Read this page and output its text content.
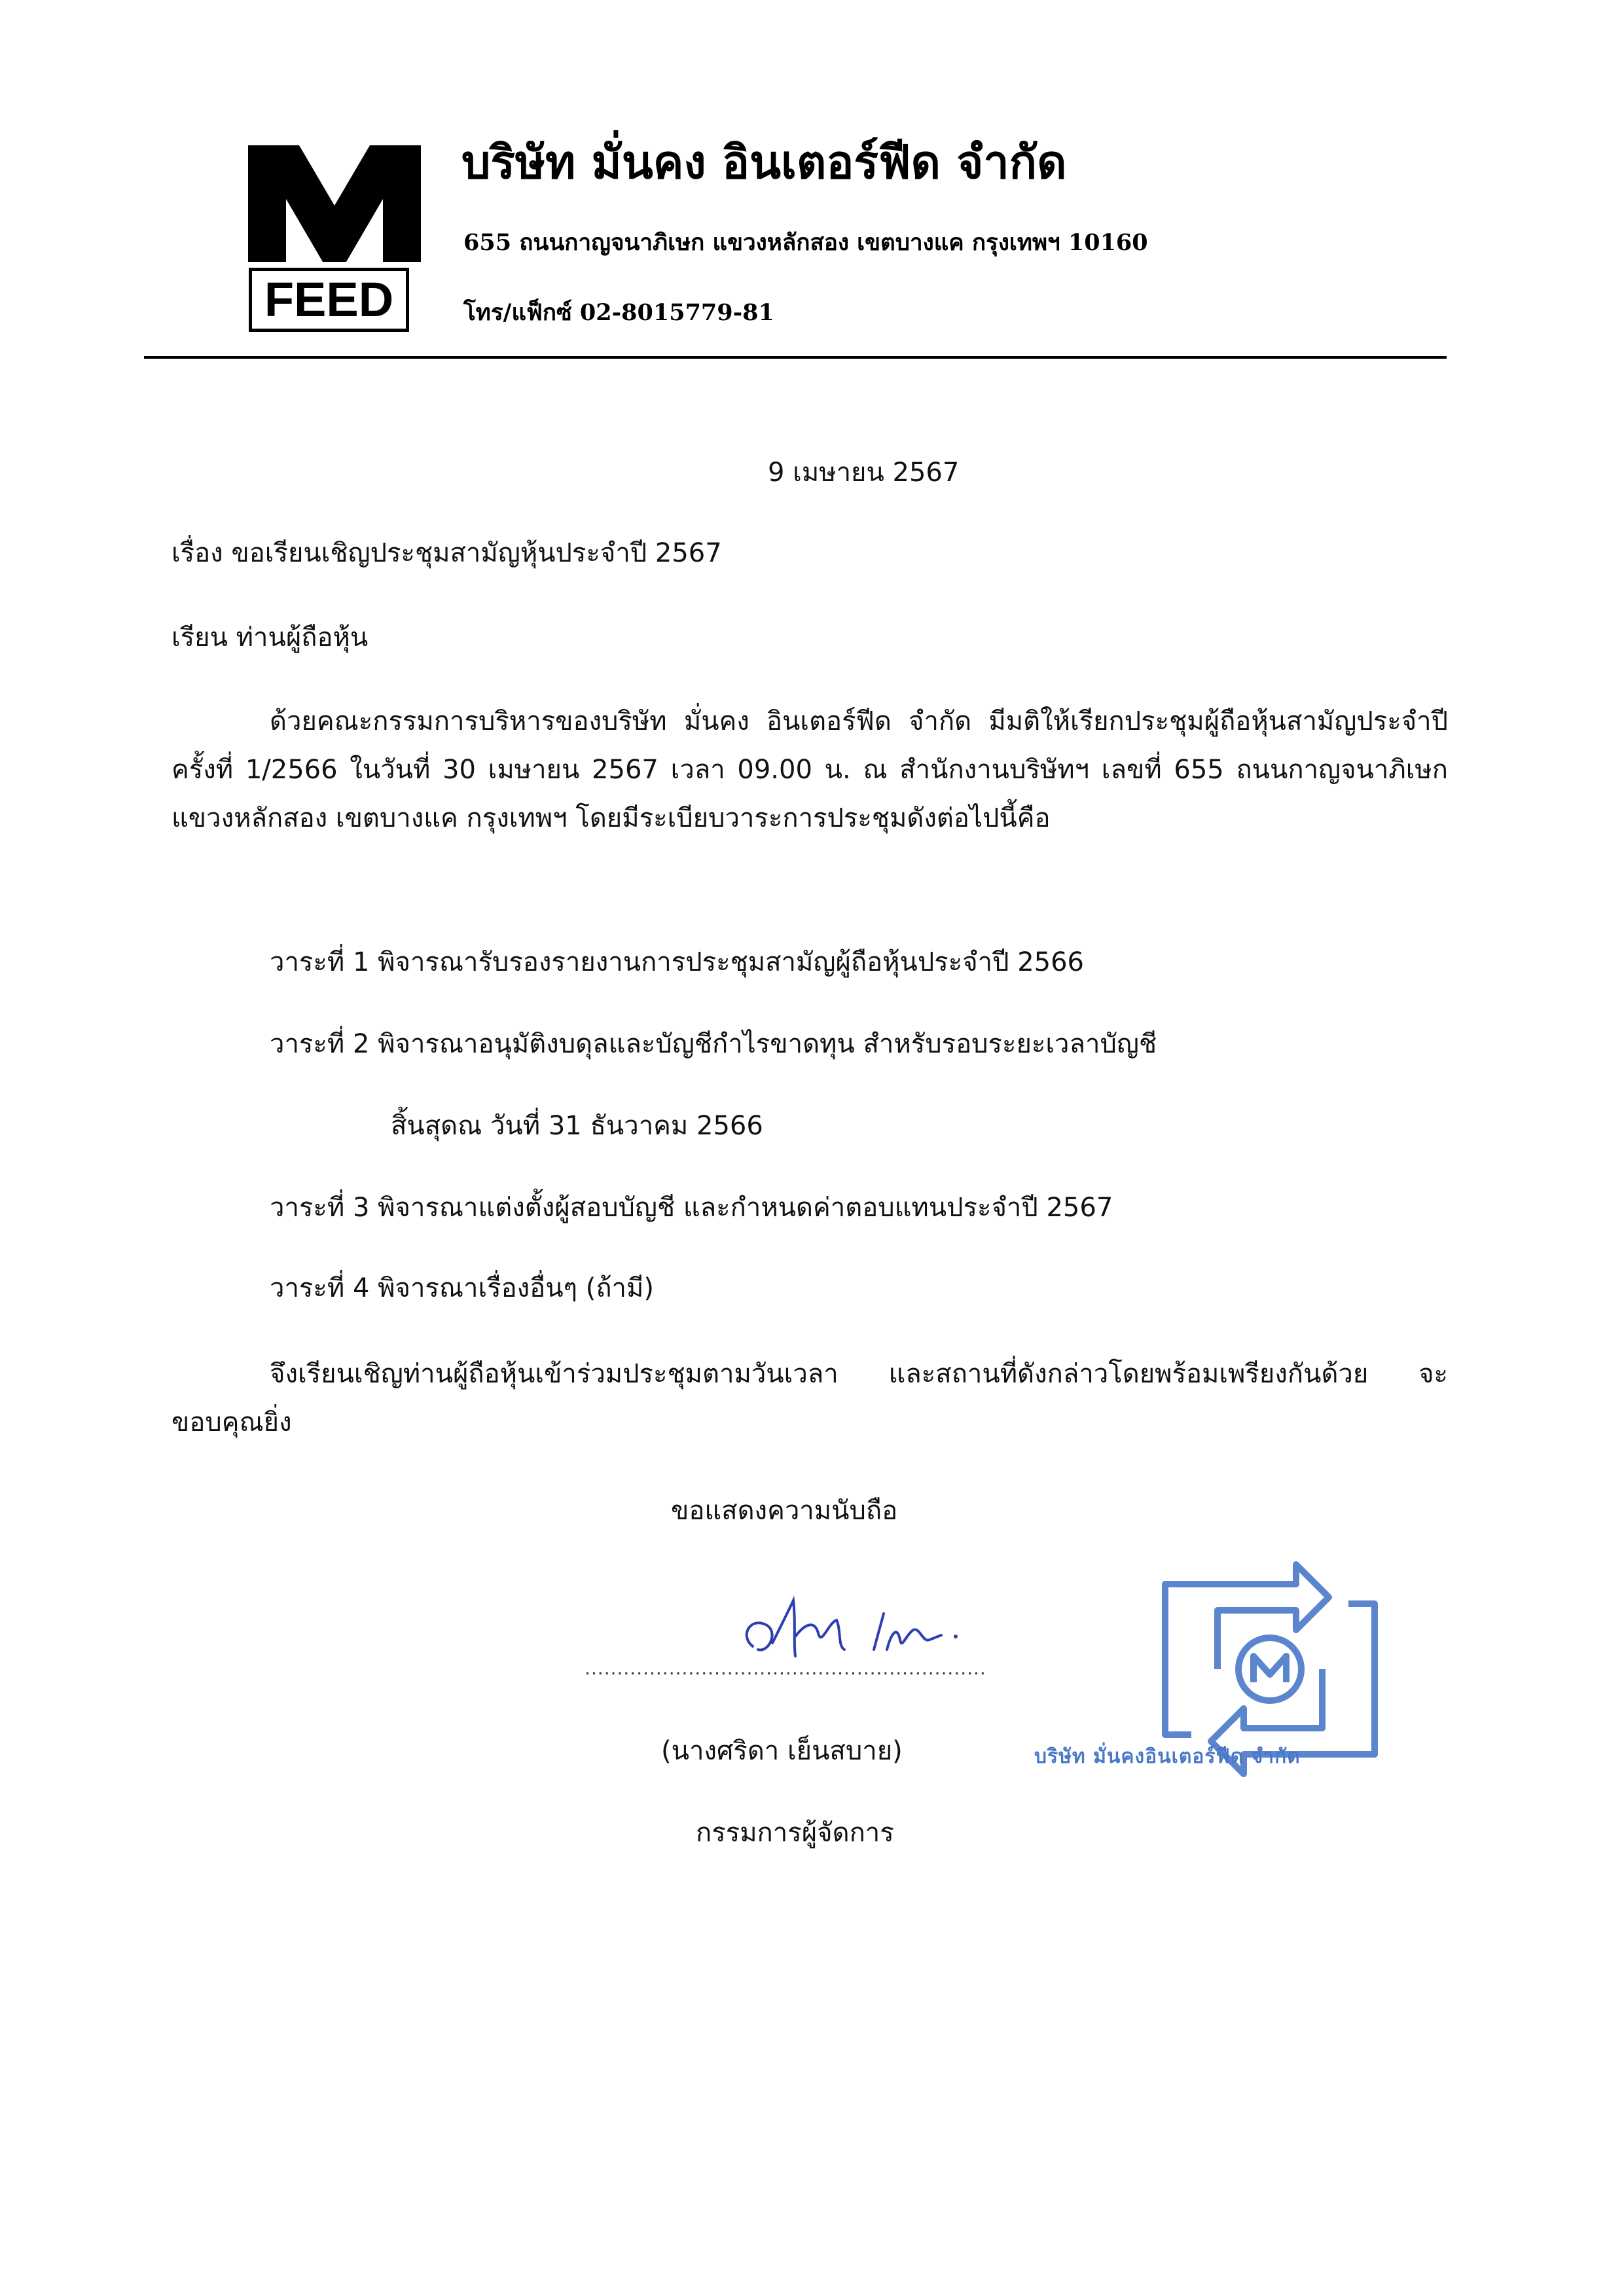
FEED
บริษัท มั่นคง อินเตอร์ฟีด จำกัด
655 ถนนกาญจนาภิเษก แขวงหลักสอง เขตบางแค กรุงเทพฯ 10160
โทร/แฟ็กซ์ 02-8015779-81
9 เมษายน 2567
เรื่อง ขอเรียนเชิญประชุมสามัญหุ้นประจำปี 2567
เรียน ท่านผู้ถือหุ้น
ด้วยคณะกรรมการบริหารของบริษัท มั่นคง อินเตอร์ฟีด จำกัด มีมติให้เรียกประชุมผู้ถือหุ้นสามัญประจำปี ครั้งที่ 1/2566 ในวันที่ 30 เมษายน 2567 เวลา 09.00 น. ณ สำนักงานบริษัทฯ เลขที่ 655 ถนนกาญจนาภิเษก แขวงหลักสอง เขตบางแค กรุงเทพฯ โดยมีระเบียบวาระการประชุมดังต่อไปนี้คือ
วาระที่ 1 พิจารณารับรองรายงานการประชุมสามัญผู้ถือหุ้นประจำปี 2566
วาระที่ 2 พิจารณาอนุมัติงบดุลและบัญชีกำไรขาดทุน สำหรับรอบระยะเวลาบัญชี
สิ้นสุดณ วันที่ 31 ธันวาคม 2566
วาระที่ 3 พิจารณาแต่งตั้งผู้สอบบัญชี และกำหนดค่าตอบแทนประจำปี 2567
วาระที่ 4 พิจารณาเรื่องอื่นๆ (ถ้ามี)
จึงเรียนเชิญท่านผู้ถือหุ้นเข้าร่วมประชุมตามวันเวลา และสถานที่ดังกล่าวโดยพร้อมเพรียงกันด้วย จะขอบคุณยิ่ง
ขอแสดงความนับถือ
..............................................................
(นางศริดา เย็นสบาย)
กรรมการผู้จัดการ
บริษัท มั่นคงอินเตอร์ฟีด จำกัด
